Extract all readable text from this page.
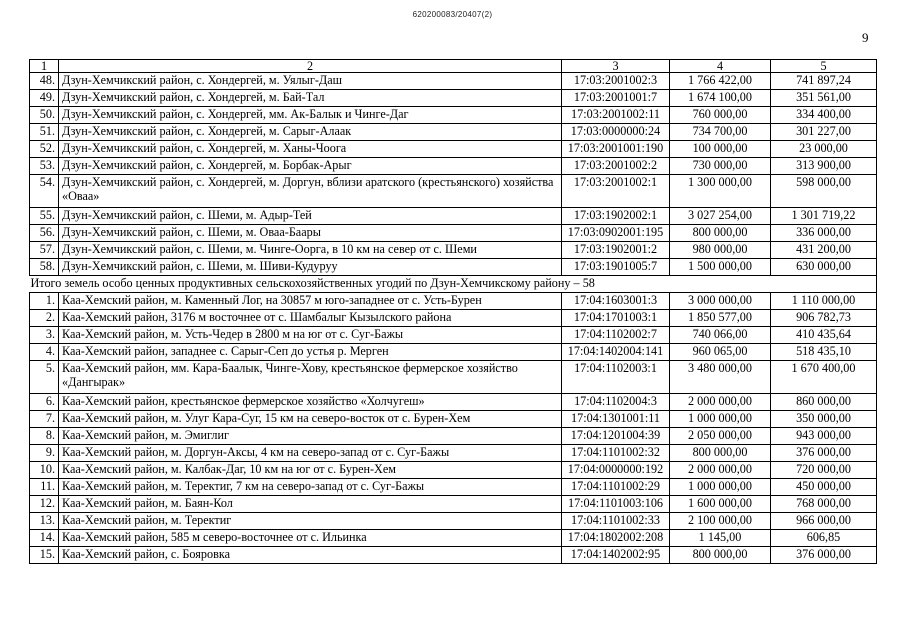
620200083/20407(2)
9
1	2	3	4	5
48.	Дзун-Хемчикский район, с. Хондергей, м. Уялыг-Даш	17:03:2001002:3	1 766 422,00	741 897,24
49.	Дзун-Хемчикский район, с. Хондергей, м. Бай-Тал	17:03:2001001:7	1 674 100,00	351 561,00
50.	Дзун-Хемчикский район, с. Хондергей, мм. Ак-Балык и Чинге-Даг	17:03:2001002:11	760 000,00	334 400,00
51.	Дзун-Хемчикский район, с. Хондергей, м. Сарыг-Алаак	17:03:0000000:24	734 700,00	301 227,00
52.	Дзун-Хемчикский район, с. Хондергей, м. Ханы-Чоога	17:03:2001001:190	100 000,00	23 000,00
53.	Дзун-Хемчикский район, с. Хондергей, м. Борбак-Арыг	17:03:2001002:2	730 000,00	313 900,00
54.	Дзун-Хемчикский район, с. Хондергей, м. Доргун, вблизи аратского (крестьянского) хозяйства «Оваа»	17:03:2001002:1	1 300 000,00	598 000,00
55.	Дзун-Хемчикский район, с. Шеми, м. Адыр-Тей	17:03:1902002:1	3 027 254,00	1 301 719,22
56.	Дзун-Хемчикский район, с. Шеми, м. Оваа-Баары	17:03:0902001:195	800 000,00	336 000,00
57.	Дзун-Хемчикский район, с. Шеми, м. Чинге-Оорга, в 10 км на север от с. Шеми	17:03:1902001:2	980 000,00	431 200,00
58.	Дзун-Хемчикский район, с. Шеми, м. Шиви-Кудуруу	17:03:1901005:7	1 500 000,00	630 000,00
Итого земель особо ценных продуктивных сельскохозяйственных угодий по Дзун-Хемчикскому району – 58				
1.	Каа-Хемский район, м. Каменный Лог, на 30857 м юго-западнее от с. Усть-Бурен	17:04:1603001:3	3 000 000,00	1 110 000,00
2.	Каа-Хемский район, 3176 м восточнее от с. Шамбалыг Кызылского района	17:04:1701003:1	1 850 577,00	906 782,73
3.	Каа-Хемский район, м. Усть-Чедер в 2800 м на юг от с. Суг-Бажы	17:04:1102002:7	740 066,00	410 435,64
4.	Каа-Хемский район, западнее с. Сарыг-Сеп до устья р. Мерген	17:04:1402004:141	960 065,00	518 435,10
5.	Каа-Хемский район, мм. Кара-Баалык, Чинге-Хову, крестьянское фермерское хозяйство «Дангырак»	17:04:1102003:1	3 480 000,00	1 670 400,00
6.	Каа-Хемский район, крестьянское фермерское хозяйство «Холчугеш»	17:04:1102004:3	2 000 000,00	860 000,00
7.	Каа-Хемский район, м. Улуг Кара-Суг, 15 км на северо-восток от с. Бурен-Хем	17:04:1301001:11	1 000 000,00	350 000,00
8.	Каа-Хемский район, м. Эмиглиг	17:04:1201004:39	2 050 000,00	943 000,00
9.	Каа-Хемский район, м. Доргун-Аксы, 4 км на северо-запад от с. Суг-Бажы	17:04:1101002:32	800 000,00	376 000,00
10.	Каа-Хемский район, м. Калбак-Даг, 10 км на юг от с. Бурен-Хем	17:04:0000000:192	2 000 000,00	720 000,00
11.	Каа-Хемский район, м. Теректиг, 7 км на северо-запад от с. Суг-Бажы	17:04:1101002:29	1 000 000,00	450 000,00
12.	Каа-Хемский район, м. Баян-Кол	17:04:1101003:106	1 600 000,00	768 000,00
13.	Каа-Хемский район, м. Теректиг	17:04:1101002:33	2 100 000,00	966 000,00
14.	Каа-Хемский район, 585 м северо-восточнее от с. Ильинка	17:04:1802002:208	1 145,00	606,85
15.	Каа-Хемский район, с. Бояровка	17:04:1402002:95	800 000,00	376 000,00
